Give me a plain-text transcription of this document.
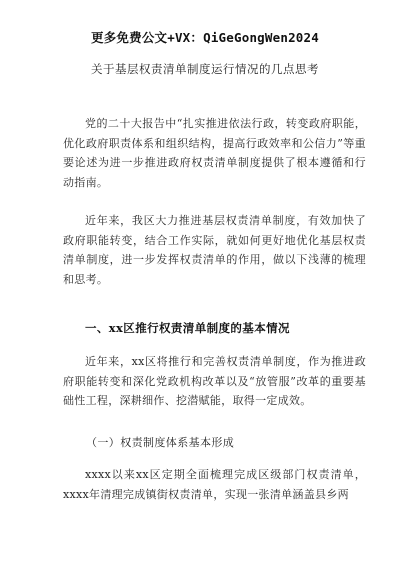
更多免费公文+VX：QiGeGongWen2024
关于基层权责清单制度运行情况的几点思考

党的二十大报告中“扎实推进依法行政，转变政府职能，优化政府职责体系和组织结构，提高行政效率和公信力”等重要论述为进一步推进政府权责清单制度提供了根本遵循和行动指南。

近年来，我区大力推进基层权责清单制度，有效加快了政府职能转变，结合工作实际，就如何更好地优化基层权责清单制度，进一步发挥权责清单的作用，做以下浅薄的梳理和思考。

一、xx区推行权责清单制度的基本情况

近年来，xx区将推行和完善权责清单制度，作为推进政府职能转变和深化党政机构改革以及“放管服”改革的重要基础性工程，深耕细作、挖潜赋能，取得一定成效。

（一）权责制度体系基本形成

xxxx以来xx区定期全面梳理完成区级部门权责清单，xxxx年清理完成镇街权责清单，实现一张清单涵盖县乡两
